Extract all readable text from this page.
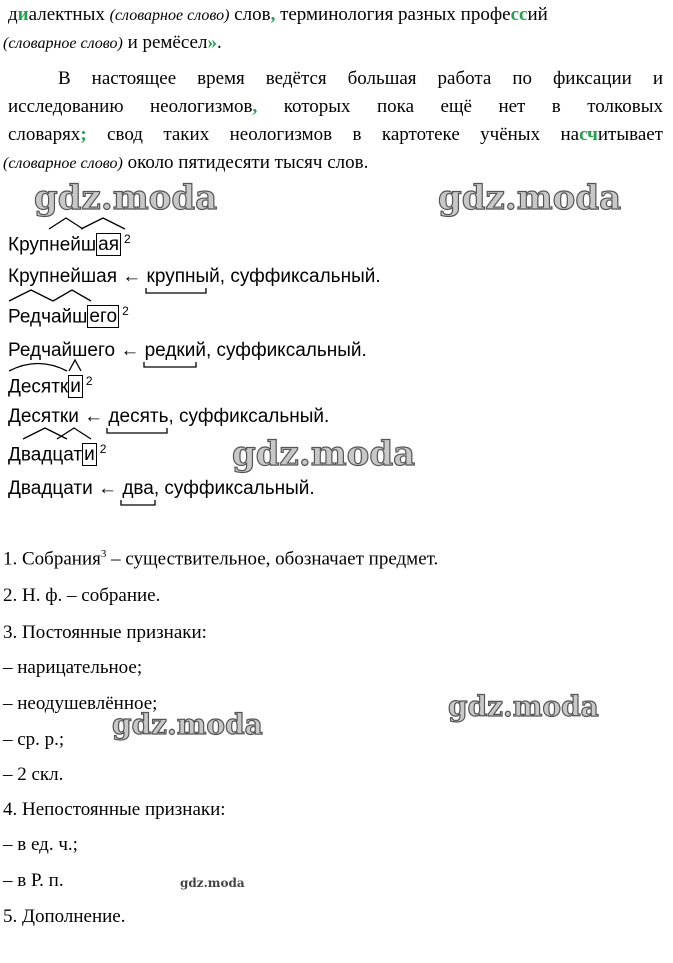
диалектных (словарное слово) слов, терминология разных профессий
(словарное слово) и ремёсел».
В настоящее время ведётся большая работа по фиксации и
исследованию неологизмов, которых пока ещё нет в толковых
словарях; свод таких неологизмов в картотеке учёных насчитывает
(словарное слово) около пятидесяти тысяч слов.
gdz.moda	gdz.moda
gdz.moda
gdz.moda
gdz.moda
gdz.moda
Крупнейш ая $^2$
Крупнейшая ← крупн
ый, суффиксальный.
Редчайш его $^2$
Редчайшего ← редк
ий, суффиксальный.
Десятк и $^2$
Десятки ← десят
ь, суффиксальный.
Двадцат и $^2$
Двадцати ← два
, суффиксальный.
1. Собрания$^3$ – существительное, обозначает предмет.
2. Н. ф. – собрание.
3. Постоянные признаки:
– нарицательное;
– неодушевлённое;
– ср. р.;
– 2 скл.
4. Непостоянные признаки:
– в ед. ч.;
– в Р. п.
5. Дополнение.
